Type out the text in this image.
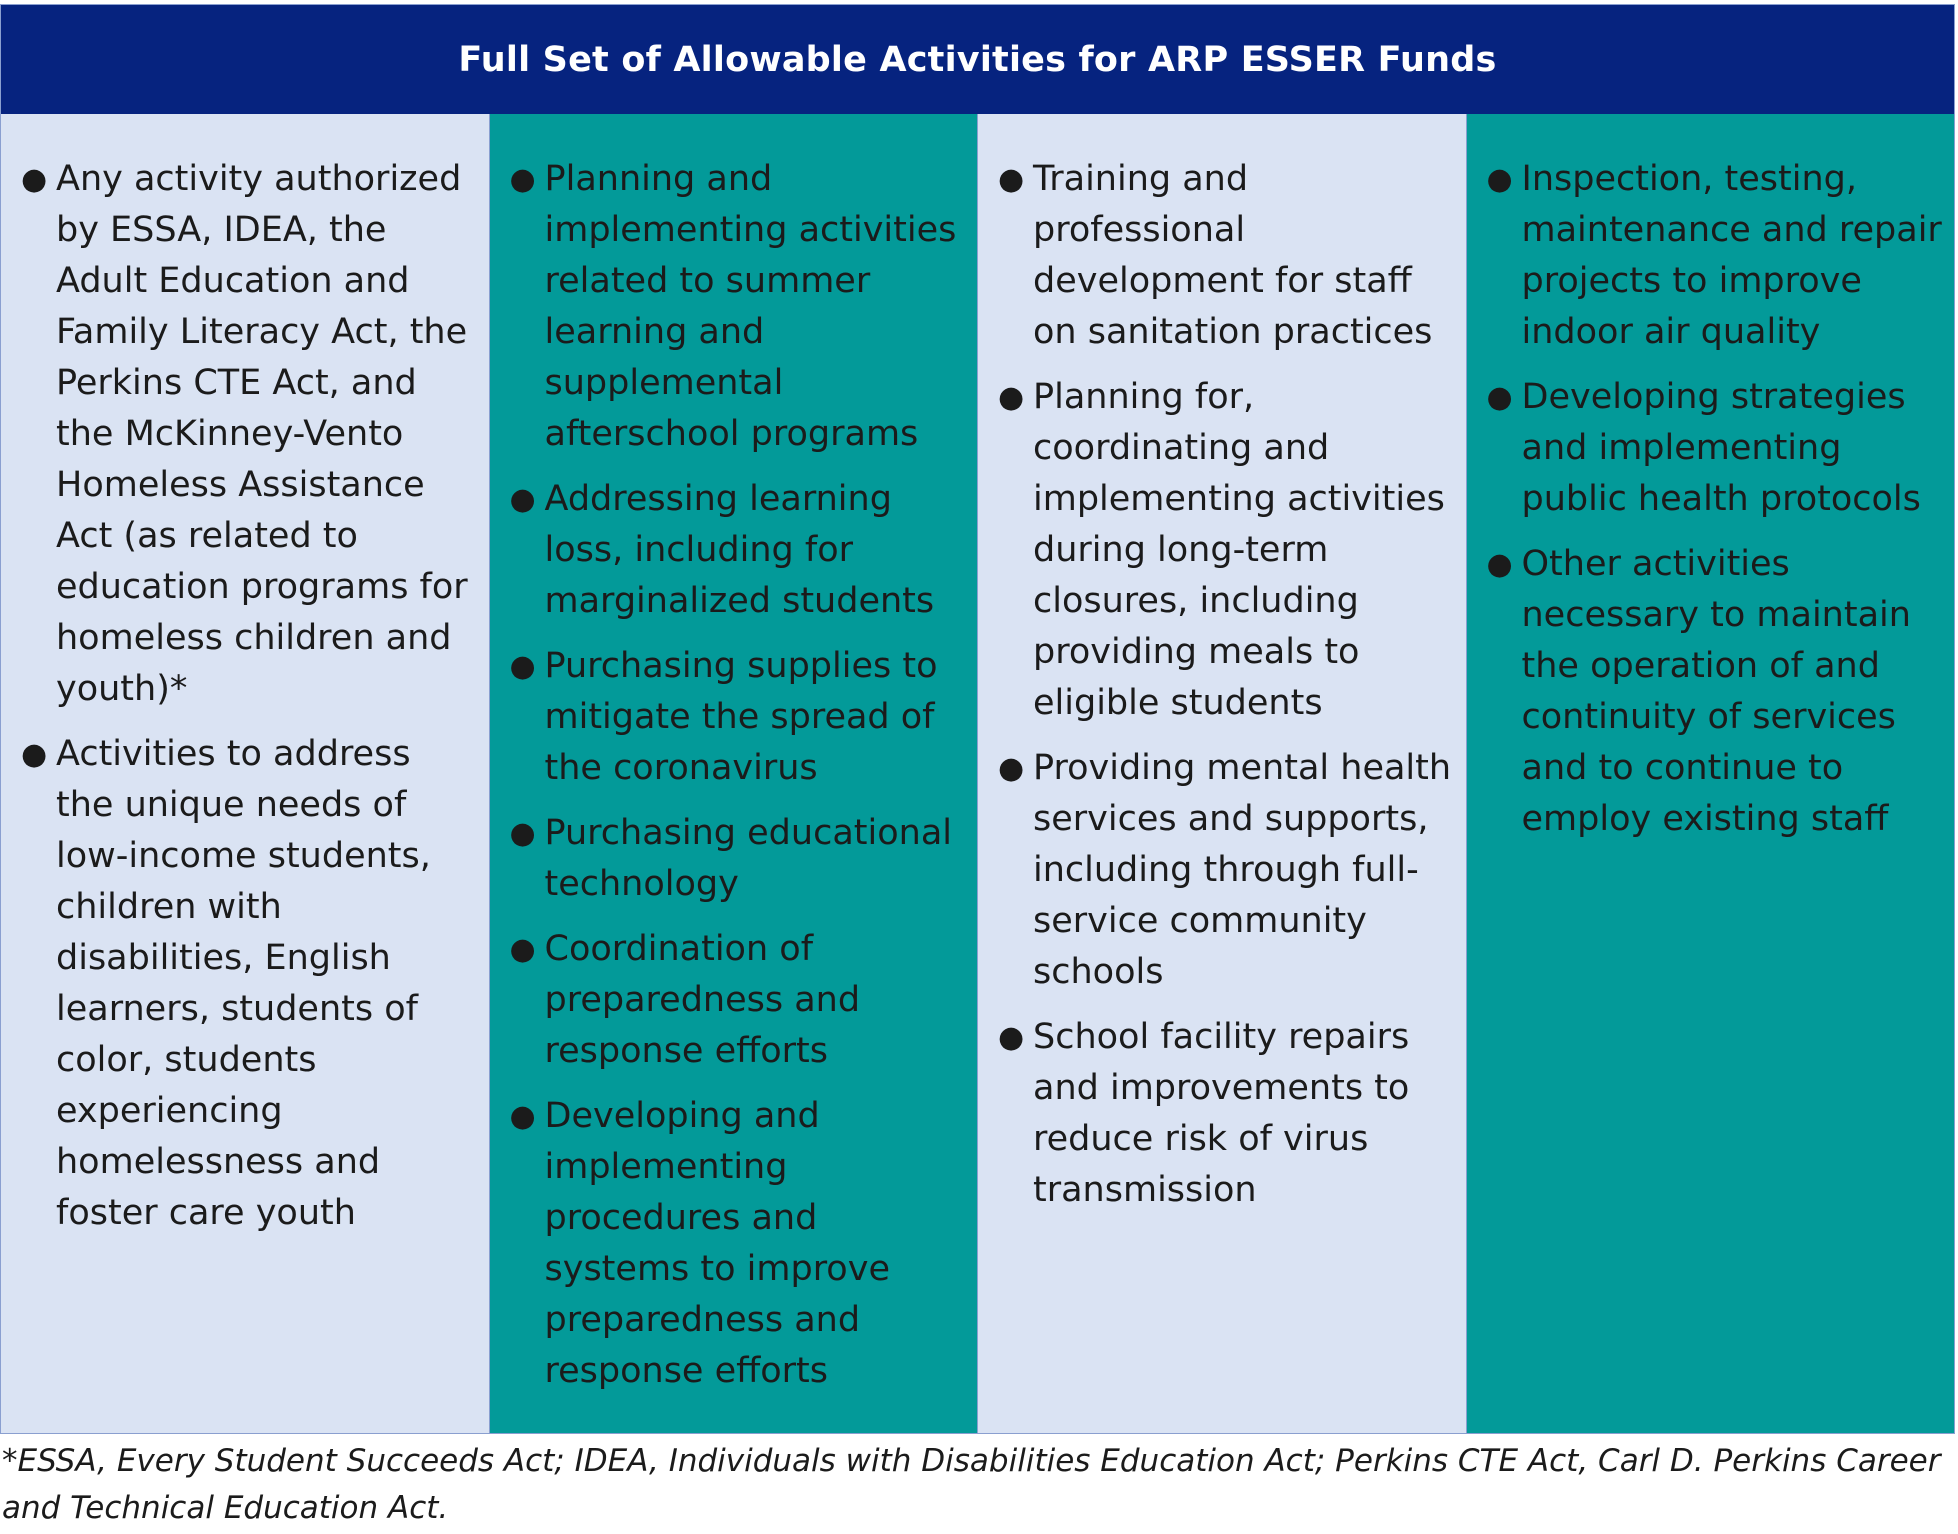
Full Set of Allowable Activities for ARP ESSER Funds
● Any activity authorized by ESSA, IDEA, the Adult Education and Family Literacy Act, the Perkins CTE Act, and the McKinney-Vento Homeless Assistance Act (as related to education programs for homeless children and youth)*
● Activities to address the unique needs of low-income students, children with disabilities, English learners, students of color, students experiencing homelessness and foster care youth
● Planning and implementing activities related to summer learning and supplemental afterschool programs
● Addressing learning loss, including for marginalized students
● Purchasing supplies to mitigate the spread of the coronavirus
● Purchasing educational technology
● Coordination of preparedness and response efforts
● Developing and implementing procedures and systems to improve preparedness and response efforts
● Training and professional development for staff on sanitation practices
● Planning for, coordinating and implementing activities during long-term closures, including providing meals to eligible students
● Providing mental health services and supports, including through full-service community schools
● School facility repairs and improvements to reduce risk of virus transmission
● Inspection, testing, maintenance and repair projects to improve indoor air quality
● Developing strategies and implementing public health protocols
● Other activities necessary to maintain the operation of and continuity of services and to continue to employ existing staff
*ESSA, Every Student Succeeds Act; IDEA, Individuals with Disabilities Education Act; Perkins CTE Act, Carl D. Perkins Career and Technical Education Act.
